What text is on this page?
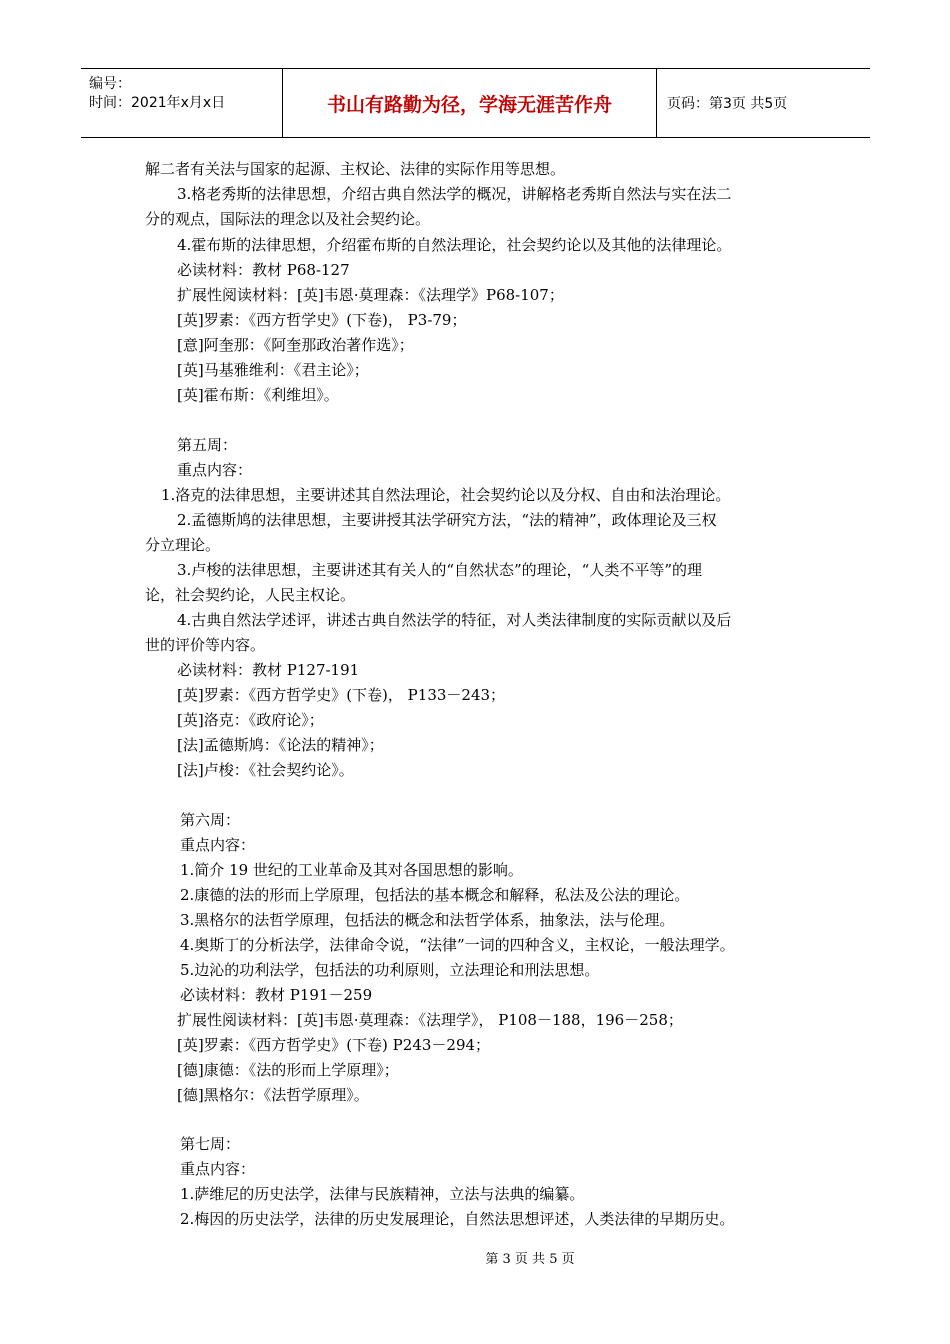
编号：
时间：2021年x月x日	书山有路勤为径，学海无涯苦作舟	页码：第3页 共5页
解二者有关法与国家的起源、主权论、法律的实际作用等思想。
3.格老秀斯的法律思想，介绍古典自然法学的概况，讲解格老秀斯自然法与实在法二
分的观点，国际法的理念以及社会契约论。
4.霍布斯的法律思想，介绍霍布斯的自然法理论，社会契约论以及其他的法律理论。
必读材料：教材 P68-127
扩展性阅读材料：[英]韦恩·莫理森：《法理学》P68-107；
[英]罗素：《西方哲学史》(下卷)， P3-79；
[意]阿奎那：《阿奎那政治著作选》；
[英]马基雅维利：《君主论》；
[英]霍布斯：《利维坦》。
第五周：
重点内容：
1.洛克的法律思想，主要讲述其自然法理论，社会契约论以及分权、自由和法治理论。
2.孟德斯鸠的法律思想，主要讲授其法学研究方法，“法的精神”，政体理论及三权
分立理论。
3.卢梭的法律思想，主要讲述其有关人的“自然状态”的理论，“人类不平等”的理
论，社会契约论，人民主权论。
4.古典自然法学述评，讲述古典自然法学的特征，对人类法律制度的实际贡献以及后
世的评价等内容。
必读材料：教材 P127-191
[英]罗素：《西方哲学史》(下卷)， P133－243；
[英]洛克：《政府论》；
[法]孟德斯鸠：《论法的精神》；
[法]卢梭：《社会契约论》。
第六周：
重点内容：
1.简介 19 世纪的工业革命及其对各国思想的影响。
2.康德的法的形而上学原理，包括法的基本概念和解释，私法及公法的理论。
3.黑格尔的法哲学原理，包括法的概念和法哲学体系，抽象法，法与伦理。
4.奥斯丁的分析法学，法律命令说，“法律”一词的四种含义，主权论，一般法理学。
5.边沁的功利法学，包括法的功利原则，立法理论和刑法思想。
必读材料：教材 P191－259
扩展性阅读材料：[英]韦恩·莫理森：《法理学》， P108－188，196－258；
[英]罗素：《西方哲学史》(下卷) P243－294；
[德]康德：《法的形而上学原理》；
[德]黑格尔：《法哲学原理》。
第七周：
重点内容：
1.萨维尼的历史法学，法律与民族精神，立法与法典的编纂。
2.梅因的历史法学，法律的历史发展理论，自然法思想评述，人类法律的早期历史。
第 3 页 共 5 页
